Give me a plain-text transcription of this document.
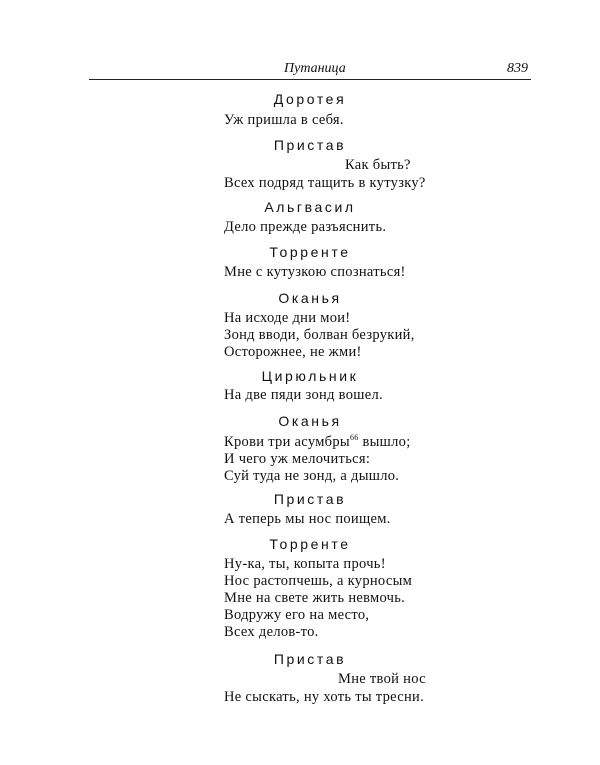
Путаница	839
Доротея
Уж пришла в себя.
Пристав
Как быть?
Всех подряд тащить в кутузку?
Альгвасил
Дело прежде разъяснить.
Торренте
Мне с кутузкою спознаться!
Оканья
На исходе дни мои!
Зонд вводи, болван безрукий,
Осторожнее, не жми!
Цирюльник
На две пяди зонд вошел.
Оканья
Крови три асумбры$^{66}$ вышло;
И чего уж мелочиться:
Суй туда не зонд, а дышло.
Пристав
А теперь мы нос поищем.
Торренте
Ну-ка, ты, копыта прочь!
Нос растопчешь, а курносым
Мне на свете жить невмочь.
Водружу его на место,
Всех делов-то.
Пристав
Мне твой нос
Не сыскать, ну хоть ты тресни.
